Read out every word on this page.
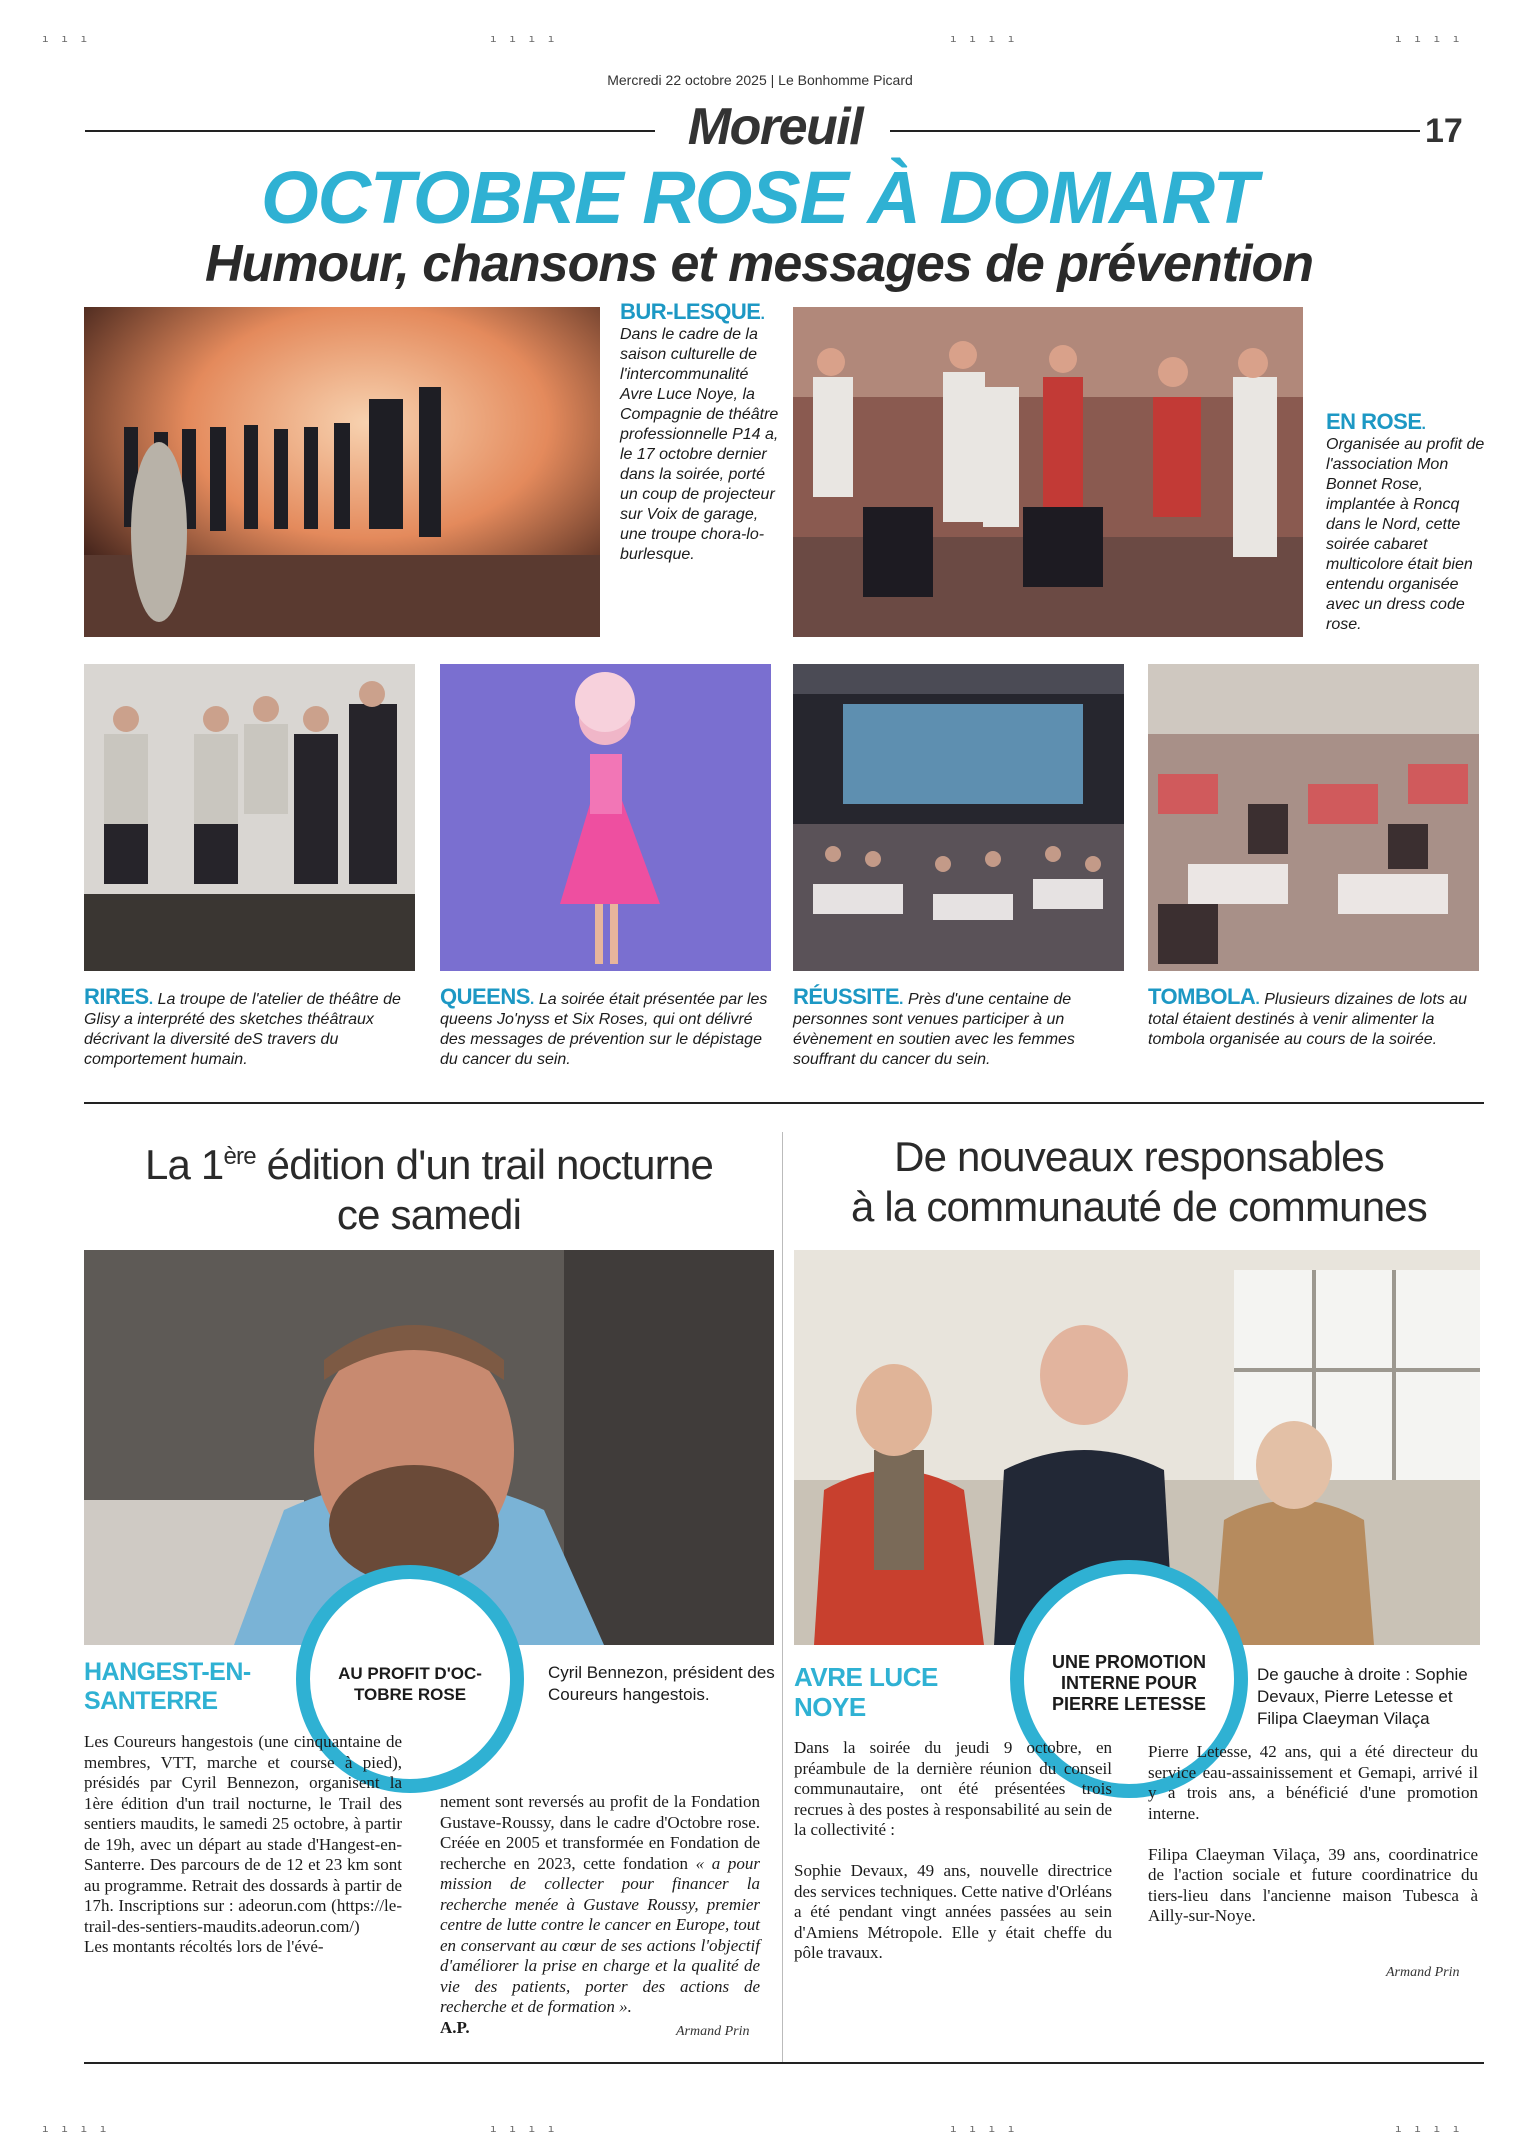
ı ı ı	ı ı ı ı	ı ı ı ı	ı ı ı ı
ı ı ı ı	ı ı ı ı	ı ı ı ı	ı ı ı ı
Mercredi 22 octobre 2025 | Le Bonhomme Picard
Moreuil	17
OCTOBRE ROSE À DOMART
Humour, chansons et messages de prévention
BUR-LESQUE. Dans le cadre de la saison culturelle de l'intercommunalité Avre Luce Noye, la Compagnie de théâtre professionnelle P14 a, le 17 octobre dernier dans la soirée, porté un coup de projecteur sur Voix de garage, une troupe chora-lo-burlesque.
EN ROSE. Organisée au profit de l'association Mon Bonnet Rose, implantée à Roncq dans le Nord, cette soirée cabaret multicolore était bien entendu organisée avec un dress code rose.
RIRES. La troupe de l'atelier de théâtre de Glisy a interprété des sketches théâtraux décrivant la diversité deS travers du comportement humain.
QUEENS. La soirée était présentée par les queens Jo'nyss et Six Roses, qui ont délivré des messages de prévention sur le dépistage du cancer du sein.
RÉUSSITE. Près d'une centaine de personnes sont venues participer à un évènement en soutien avec les femmes souffrant du cancer du sein.
TOMBOLA. Plusieurs dizaines de lots au total étaient destinés à venir alimenter la tombola organisée au cours de la soirée.
La 1ère édition d'un trail nocturne
ce samedi
AU PROFIT D'OC-TOBRE ROSE
HANGEST-EN-SANTERRE
Cyril Bennezon, président des Coureurs hangestois.
Les Coureurs hangestois (une cinquantaine de membres, VTT, marche et course à pied), présidés par Cyril Bennezon, organisent la 1ère édition d'un trail nocturne, le Trail des sentiers maudits, le samedi 25 octobre, à partir de 19h, avec un départ au stade d'Hangest-en-Santerre. Des parcours de de 12 et 23 km sont au programme. Retrait des dossards à partir de 17h. Inscriptions sur : adeorun.com (https://le-trail-des-sentiers-maudits.adeorun.com/)
Les montants récoltés lors de l'évé-
nement sont reversés au profit de la Fondation Gustave-Roussy, dans le cadre d'Octobre rose. Créée en 2005 et transformée en Fondation de recherche en 2023, cette fondation « a pour mission de collecter pour financer la recherche menée à Gustave Roussy, premier centre de lutte contre le cancer en Europe, tout en conservant au cœur de ses actions l'objectif d'améliorer la prise en charge et la qualité de vie des patients, porter des actions de recherche et de formation ».
A.P.	Armand Prin
De nouveaux responsables
à la communauté de communes
UNE PROMOTION INTERNE POUR PIERRE LETESSE
AVRE LUCE NOYE
De gauche à droite : Sophie Devaux, Pierre Letesse et Filipa Claeyman Vilaça
Dans la soirée du jeudi 9 octobre, en préambule de la dernière réunion du conseil communautaire, ont été présentées trois recrues à des postes à responsabilité au sein de la collectivité :

Sophie Devaux, 49 ans, nouvelle directrice des services techniques. Cette native d'Orléans a été pendant vingt années passées au sein d'Amiens Métropole. Elle y était cheffe du pôle travaux.
Pierre Letesse, 42 ans, qui a été directeur du service eau-assainissement et Gemapi, arrivé il y a trois ans, a bénéficié d'une promotion interne.

Filipa Claeyman Vilaça, 39 ans, coordinatrice de l'action sociale et future coordinatrice du tiers-lieu dans l'ancienne maison Tubesca à Ailly-sur-Noye.
Armand Prin
